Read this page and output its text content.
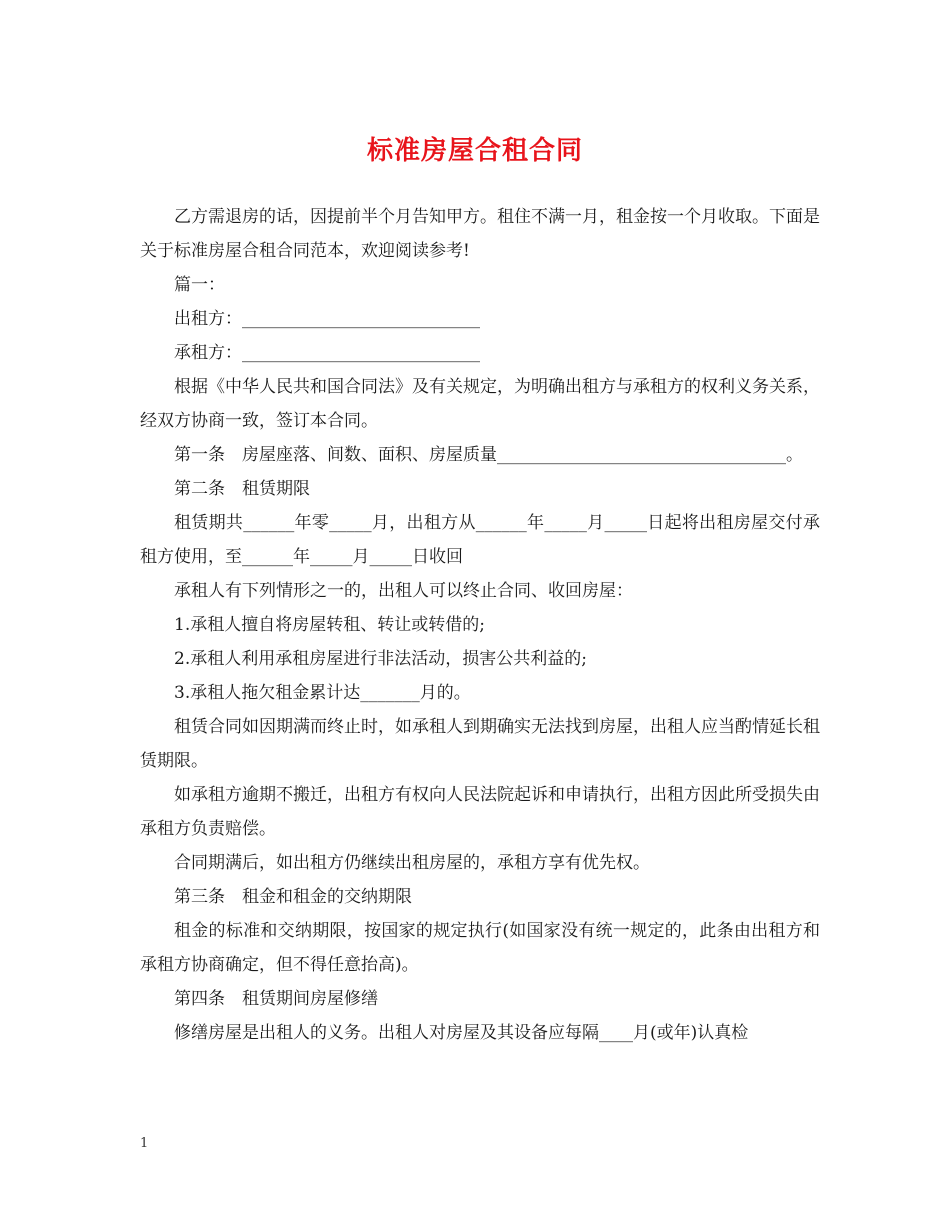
标准房屋合租合同

乙方需退房的话，因提前半个月告知甲方。租住不满一月，租金按一个月收取。下面是关于标准房屋合租合同范本，欢迎阅读参考!

篇一：

出租方：____________________________

承租方：____________________________

根据《中华人民共和国合同法》及有关规定，为明确出租方与承租方的权利义务关系，经双方协商一致，签订本合同。

第一条　房屋座落、间数、面积、房屋质量__________________________________。

第二条　租赁期限

租赁期共______年零_____月，出租方从______年_____月_____日起将出租房屋交付承租方使用，至______年_____月_____日收回

承租人有下列情形之一的，出租人可以终止合同、收回房屋：

1.承租人擅自将房屋转租、转让或转借的;

2.承租人利用承租房屋进行非法活动，损害公共利益的;

3.承租人拖欠租金累计达_______月的。

租赁合同如因期满而终止时，如承租人到期确实无法找到房屋，出租人应当酌情延长租赁期限。

如承租方逾期不搬迁，出租方有权向人民法院起诉和申请执行，出租方因此所受损失由承租方负责赔偿。

合同期满后，如出租方仍继续出租房屋的，承租方享有优先权。

第三条　租金和租金的交纳期限

租金的标准和交纳期限，按国家的规定执行(如国家没有统一规定的，此条由出租方和承租方协商确定，但不得任意抬高)。

第四条　租赁期间房屋修缮

修缮房屋是出租人的义务。出租人对房屋及其设备应每隔____月(或年)认真检

1
